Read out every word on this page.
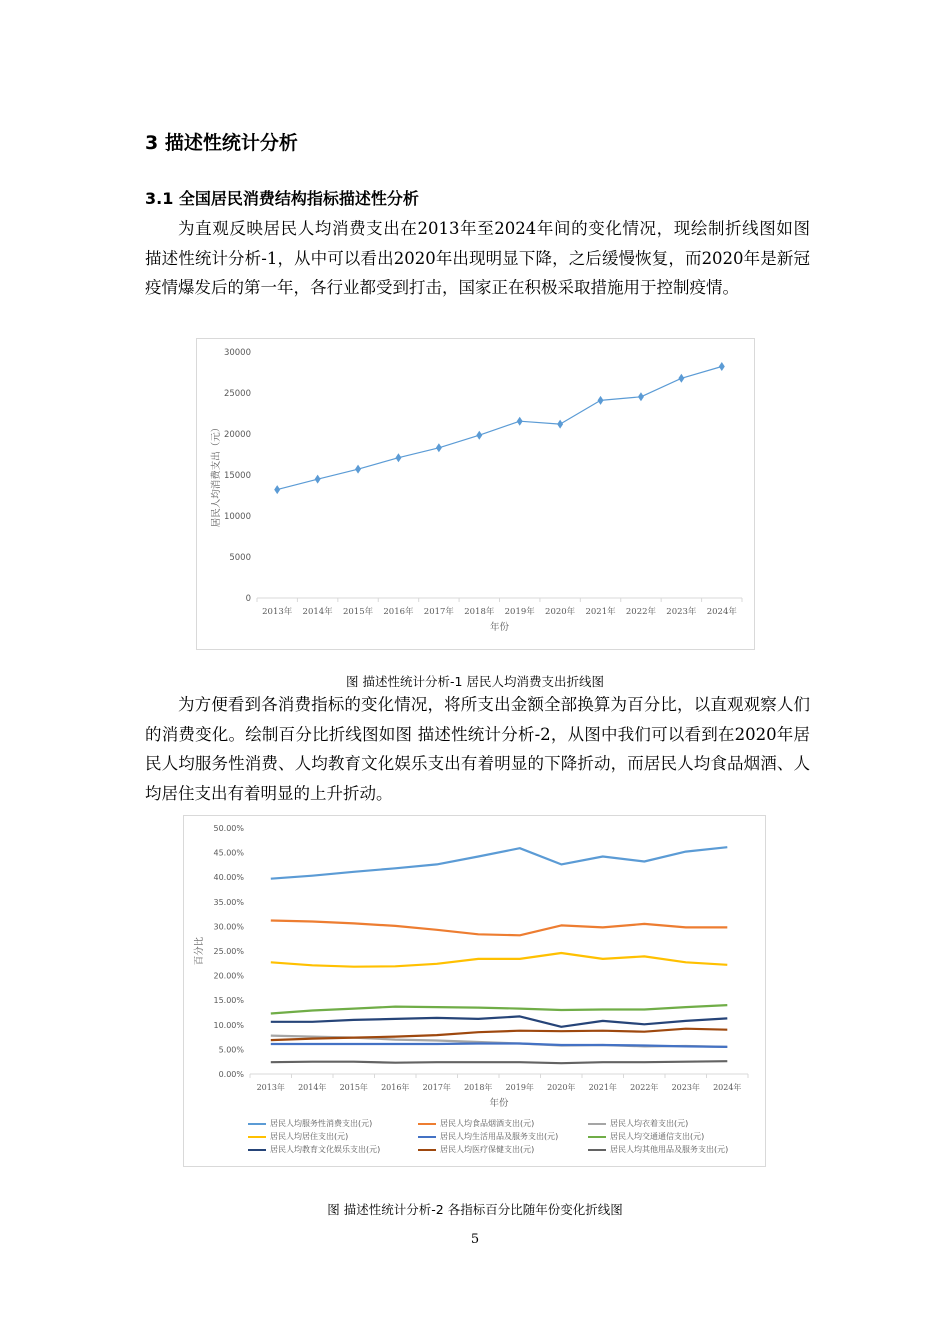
3 描述性统计分析
3.1 全国居民消费结构指标描述性分析

为直观反映居民人均消费支出在2013年至2024年间的变化情况，现绘制折线图如图 描述性统计分析-1，从中可以看出2020年出现明显下降，之后缓慢恢复，而2020年是新冠疫情爆发后的第一年，各行业都受到打击，国家正在积极采取措施用于控制疫情。

2013年 2014年 2015年 2016年 2017年 2018年 2019年 2020年 2021年 2022年 2023年 2024年
0
5000
10000
15000
20000
25000
30000
年份
居民人均消费支出（元）
图 描述性统计分析-1 居民人均消费支出折线图

为方便看到各消费指标的变化情况，将所支出金额全部换算为百分比，以直观观察人们的消费变化。绘制百分比折线图如图 描述性统计分析-2，从图中我们可以看到在2020年居民人均服务性消费、人均教育文化娱乐支出有着明显的下降折动，而居民人均食品烟酒、人均居住支出有着明显的上升折动。

2013年 2014年 2015年 2016年 2017年 2018年 2019年 2020年 2021年 2022年 2023年 2024年
0.00%
5.00%
10.00%
15.00%
20.00%
25.00%
30.00%
35.00%
40.00%
45.00%
50.00%
年份
百分比
居民人均服务性消费支出(元)	居民人均食品烟酒支出(元)	居民人均衣着支出(元)
居民人均居住支出(元)	居民人均生活用品及服务支出(元)	居民人均交通通信支出(元)
居民人均教育文化娱乐支出(元)	居民人均医疗保健支出(元)	居民人均其他用品及服务支出(元)
图 描述性统计分析-2 各指标百分比随年份变化折线图
5
